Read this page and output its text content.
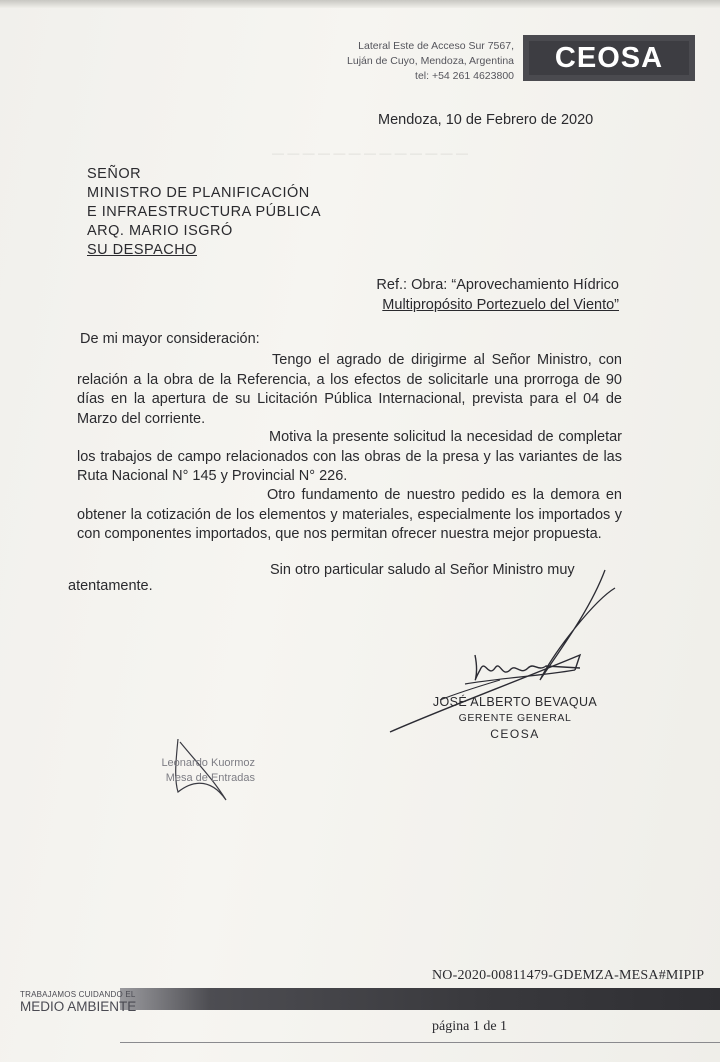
Lateral Este de Acceso Sur 7567,
Luján de Cuyo, Mendoza, Argentina
tel: +54 261 4623800
CEOSA
— — — — — — — — — — — — —
Mendoza, 10 de Febrero de 2020
SEÑOR
MINISTRO DE PLANIFICACIÓN
E INFRAESTRUCTURA PÚBLICA
ARQ. MARIO ISGRÓ
SU DESPACHO
Ref.: Obra: “Aprovechamiento Hídrico
Multipropósito Portezuelo del Viento”
De mi mayor consideración:
Tengo el agrado de dirigirme al Señor Ministro, con relación a la obra de la Referencia, a los efectos de solicitarle una prorroga de 90 días en la apertura de su Licitación Pública Internacional, prevista para el 04 de Marzo del corriente.
Motiva la presente solicitud la necesidad de completar los trabajos de campo relacionados con las obras de la presa y las variantes de las Ruta Nacional N° 145 y Provincial N° 226.
Otro fundamento de nuestro pedido es la demora en obtener la cotización de los elementos y materiales, especialmente los importados y con componentes importados, que nos permitan ofrecer nuestra mejor propuesta.
Sin otro particular saludo al Señor Ministro muy
atentamente.
JOSÉ ALBERTO BEVAQUA
GERENTE GENERAL
CEOSA
Leonardo Kuormoz
Mesa de Entradas
NO-2020-00811479-GDEMZA-MESA#MIPIP
TRABAJAMOS CUIDANDO EL
MEDIO AMBIENTE
página 1 de 1
